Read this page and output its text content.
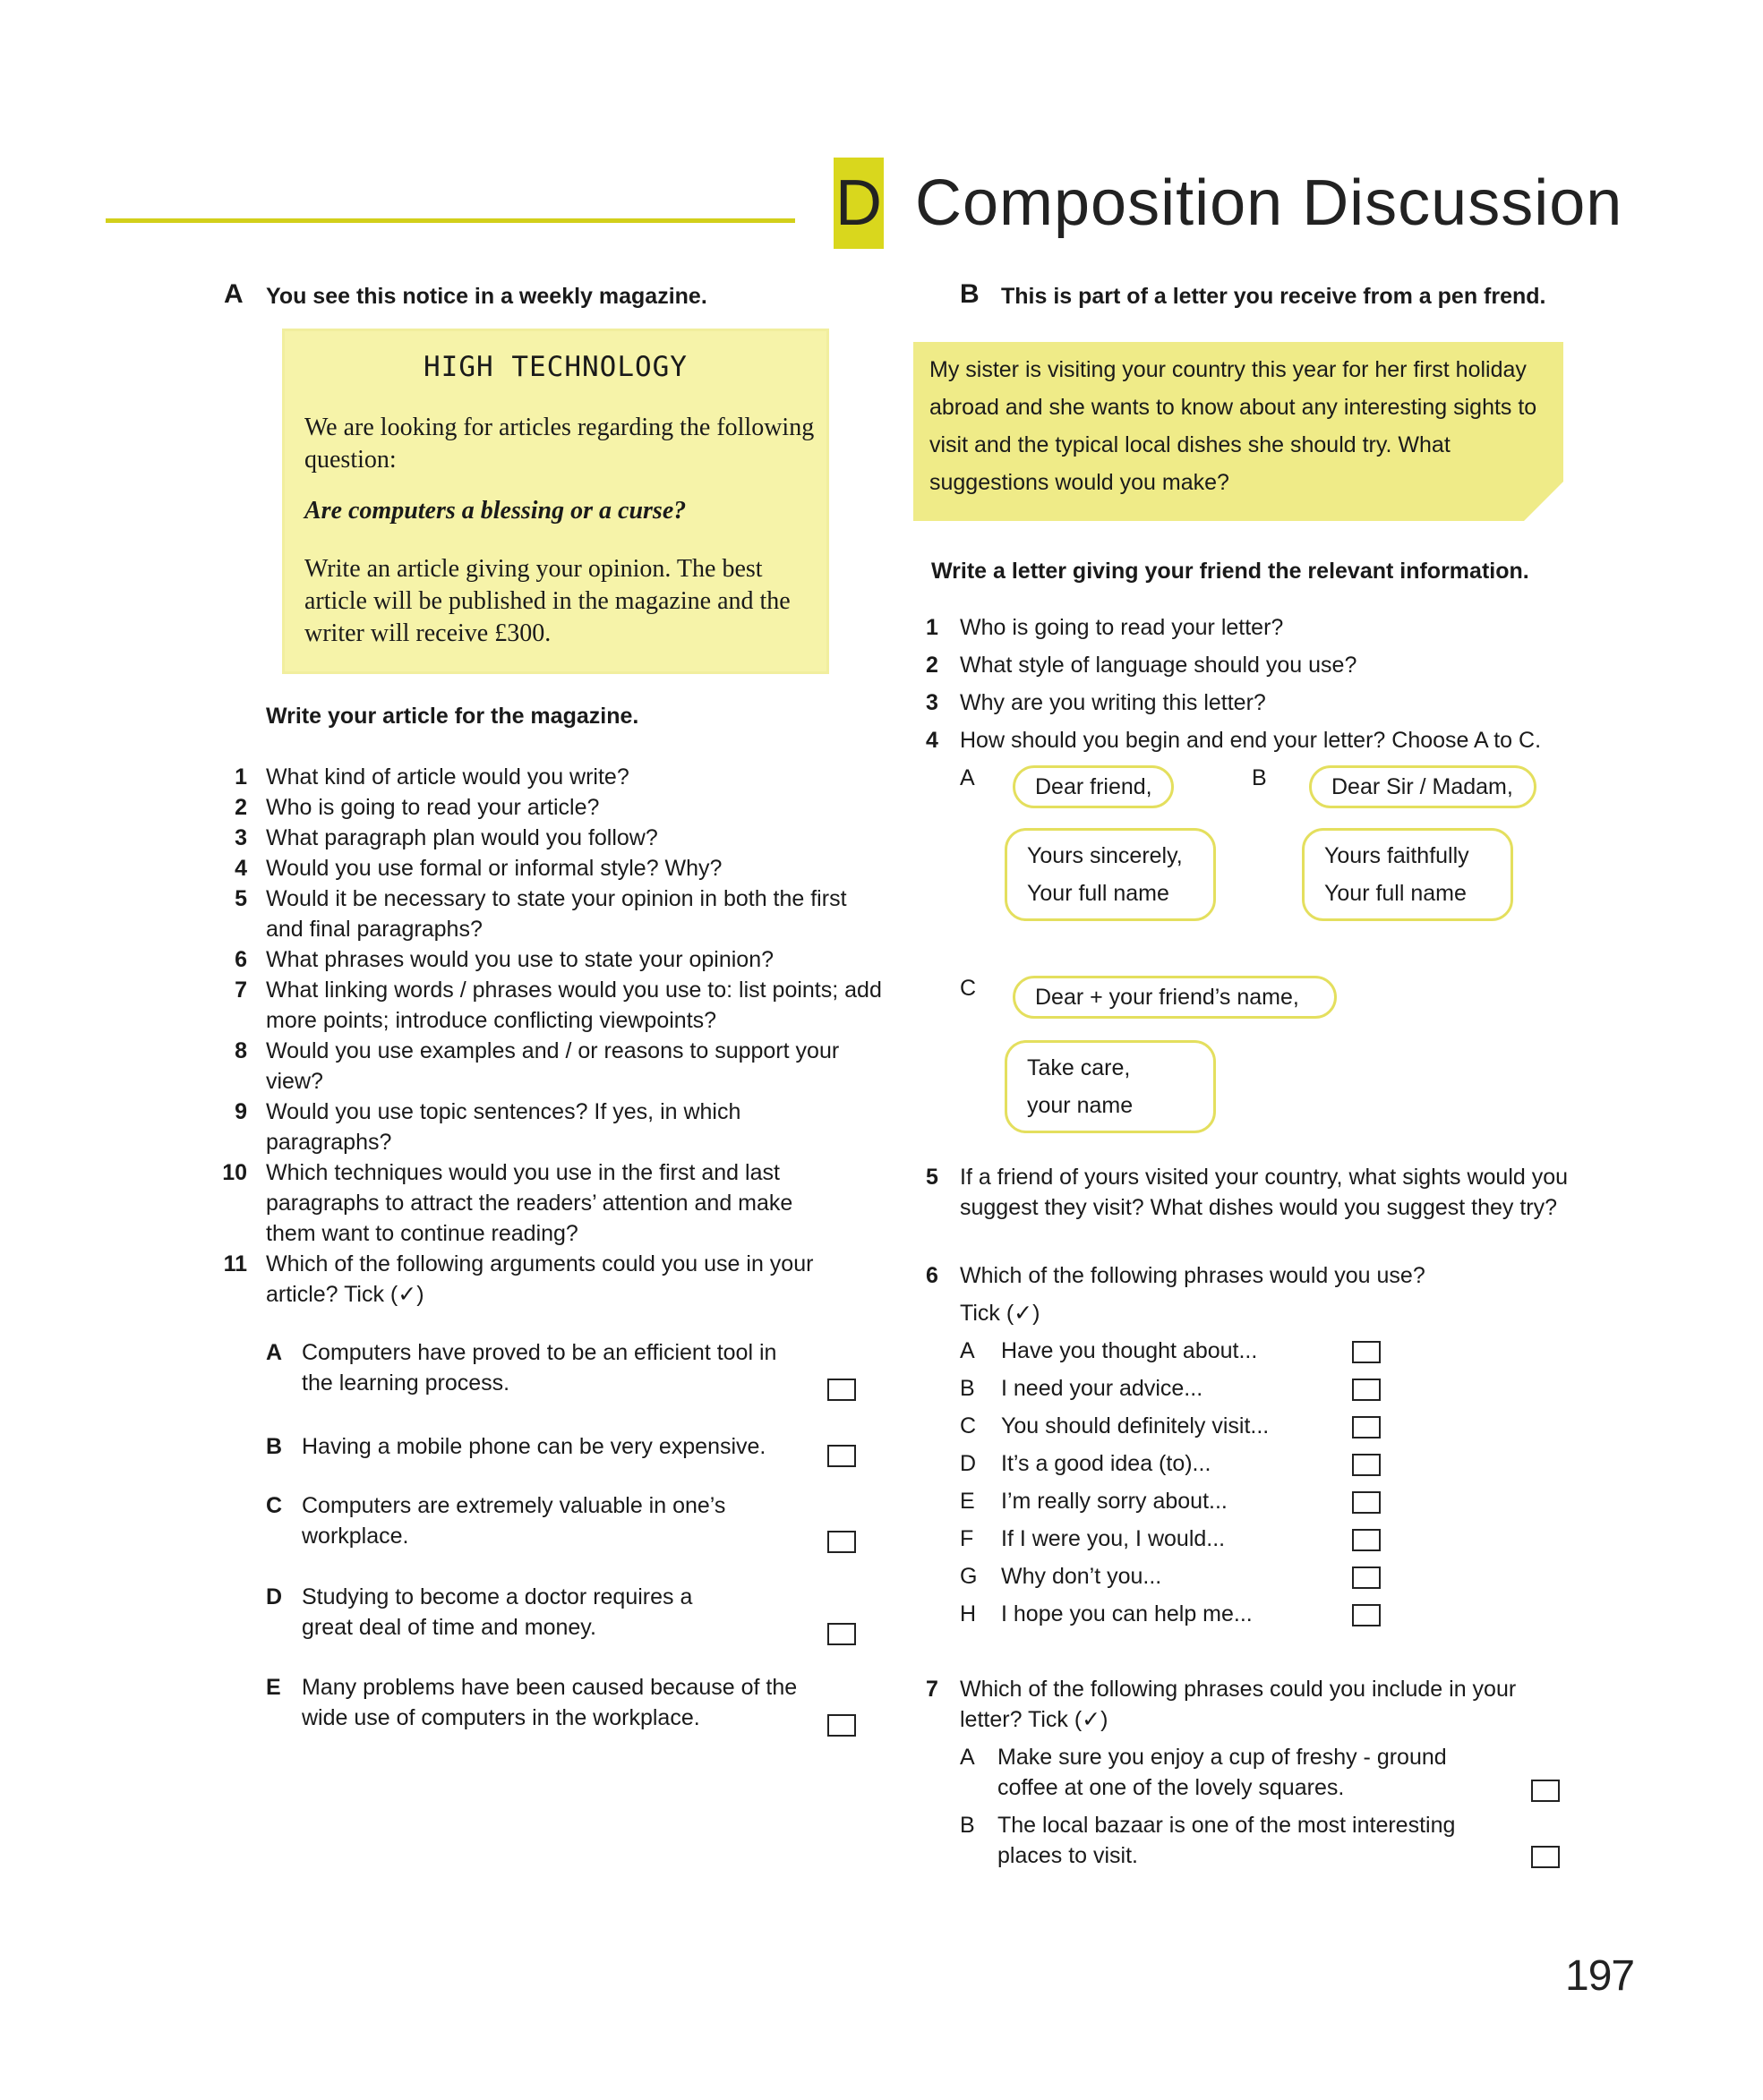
D Composition Discussion
A You see this notice in a weekly magazine.
HIGH TECHNOLOGY
We are looking for articles regarding the following question:
Are computers a blessing or a curse?
Write an article giving your opinion. The best article will be published in the magazine and the writer will receive £300.
Write your article for the magazine.
1 What kind of article would you write?
2 Who is going to read your article?
3 What paragraph plan would you follow?
4 Would you use formal or informal style? Why?
5 Would it be necessary to state your opinion in both the first and final paragraphs?
6 What phrases would you use to state your opinion?
7 What linking words / phrases would you use to: list points; add more points; introduce conflicting viewpoints?
8 Would you use examples and / or reasons to support your view?
9 Would you use topic sentences? If yes, in which paragraphs?
10 Which techniques would you use in the first and last paragraphs to attract the readers’ attention and make them want to continue reading?
11 Which of the following arguments could you use in your article? Tick (✓)
A Computers have proved to be an efficient tool in the learning process.
B Having a mobile phone can be very expensive.
C Computers are extremely valuable in one’s workplace.
D Studying to become a doctor requires a great deal of time and money.
E Many problems have been caused because of the wide use of computers in the workplace.
B This is part of a letter you receive from a pen frend.
My sister is visiting your country this year for her first holiday abroad and she wants to know about any interesting sights to visit and the typical local dishes she should try. What suggestions would you make?
Write a letter giving your friend the relevant information.
1 Who is going to read your letter?
2 What style of language should you use?
3 Why are you writing this letter?
4 How should you begin and end your letter? Choose A to C.
A	Dear friend,
Yours sincerely,
Your full name
B	Dear Sir / Madam,
Yours faithfully
Your full name
C	Dear + your friend’s name,
Take care,
your name
5 If a friend of yours visited your country, what sights would you suggest they visit? What dishes would you suggest they try?
6 Which of the following phrases would you use?
Tick (✓)
A Have you thought about...
B I need your advice...
C You should definitely visit...
D It’s a good idea (to)...
E I’m really sorry about...
F If I were you, I would...
G Why don’t you...
H I hope you can help me...
7 Which of the following phrases could you include in your letter? Tick (✓)
A Make sure you enjoy a cup of freshy - ground coffee at one of the lovely squares.
B The local bazaar is one of the most interesting places to visit.
197
